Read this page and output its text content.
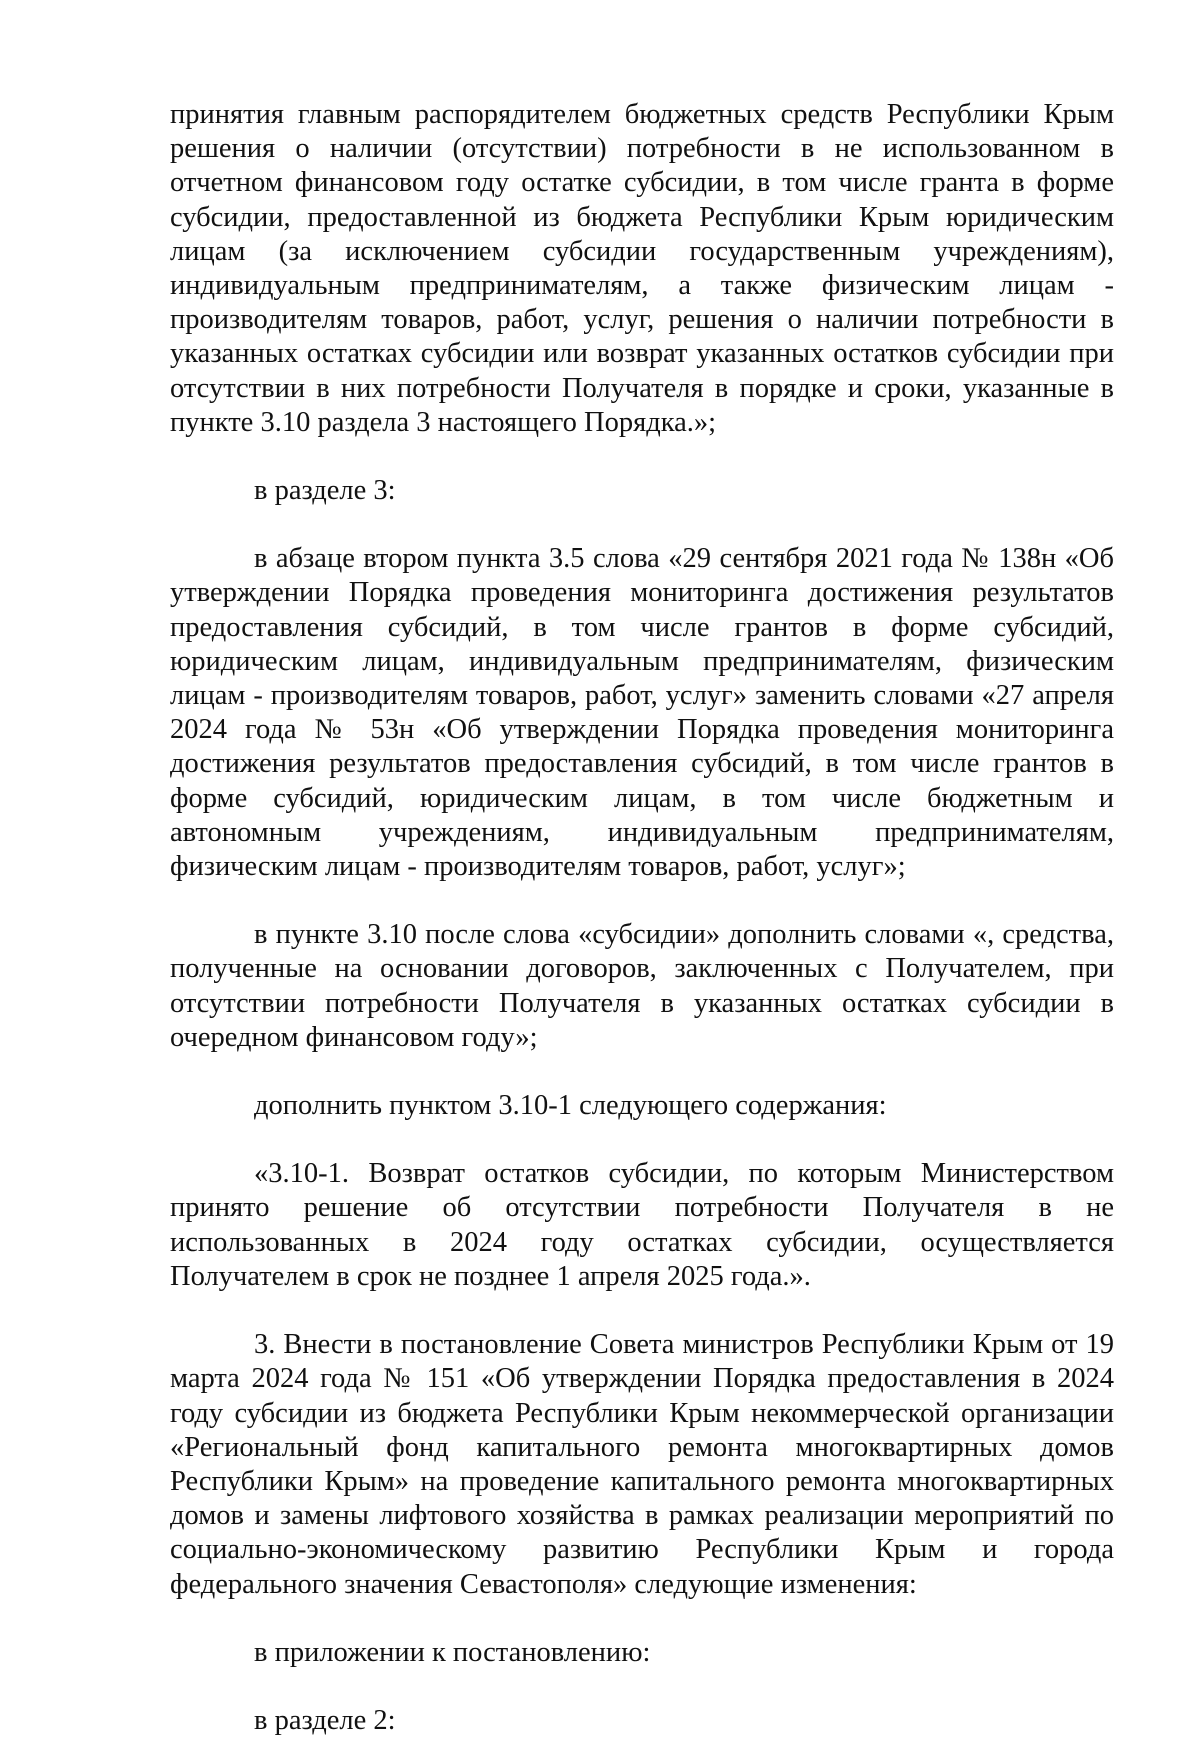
принятия главным распорядителем бюджетных средств Республики Крым решения о наличии (отсутствии) потребности в не использованном в отчетном финансовом году остатке субсидии, в том числе гранта в форме субсидии, предоставленной из бюджета Республики Крым юридическим лицам (за исключением субсидии государственным учреждениям), индивидуальным предпринимателям, а также физическим лицам - производителям товаров, работ, услуг, решения о наличии потребности в указанных остатках субсидии или возврат указанных остатков субсидии при отсутствии в них потребности Получателя в порядке и сроки, указанные в пункте 3.10 раздела 3 настоящего Порядка.»;

в разделе 3:

в абзаце втором пункта 3.5 слова «29 сентября 2021 года № 138н «Об утверждении Порядка проведения мониторинга достижения результатов предоставления субсидий, в том числе грантов в форме субсидий, юридическим лицам, индивидуальным предпринимателям, физическим лицам - производителям товаров, работ, услуг» заменить словами «27 апреля 2024 года № 53н «Об утверждении Порядка проведения мониторинга достижения результатов предоставления субсидий, в том числе грантов в форме субсидий, юридическим лицам, в том числе бюджетным и автономным учреждениям, индивидуальным предпринимателям, физическим лицам - производителям товаров, работ, услуг»;

в пункте 3.10 после слова «субсидии» дополнить словами «, средства, полученные на основании договоров, заключенных с Получателем, при отсутствии потребности Получателя в указанных остатках субсидии в очередном финансовом году»;

дополнить пунктом 3.10-1 следующего содержания:

«3.10-1. Возврат остатков субсидии, по которым Министерством принято решение об отсутствии потребности Получателя в не использованных в 2024 году остатках субсидии, осуществляется Получателем в срок не позднее 1 апреля 2025 года.».

3. Внести в постановление Совета министров Республики Крым от 19 марта 2024 года № 151 «Об утверждении Порядка предоставления в 2024 году субсидии из бюджета Республики Крым некоммерческой организации «Региональный фонд капитального ремонта многоквартирных домов Республики Крым» на проведение капитального ремонта многоквартирных домов и замены лифтового хозяйства в рамках реализации мероприятий по социально-экономическому развитию Республики Крым и города федерального значения Севастополя» следующие изменения:

в приложении к постановлению:

в разделе 2:
